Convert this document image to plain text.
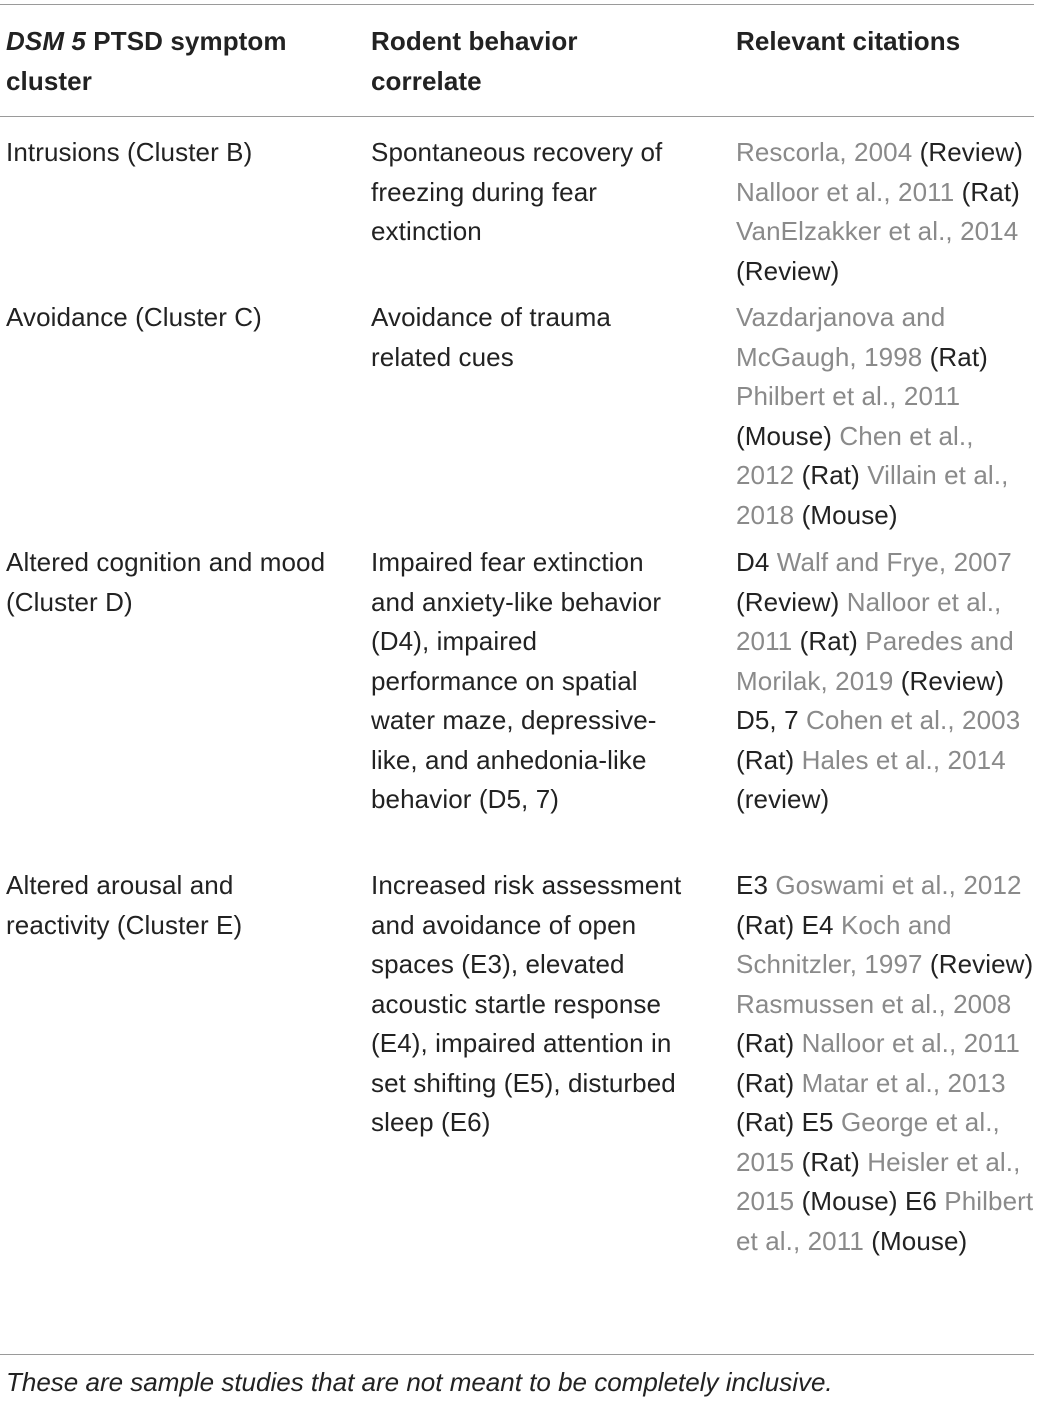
DSM 5 PTSD symptom cluster
Rodent behavior correlate
Relevant citations
Intrusions (Cluster B)	Spontaneous recovery of freezing during fear extinction
Rescorla, 2004 (Review) Nalloor et al., 2011 (Rat) VanElzakker et al., 2014 (Review)
Avoidance (Cluster C)	Avoidance of trauma related cues
Vazdarjanova and McGaugh, 1998 (Rat) Philbert et al., 2011 (Mouse) Chen et al., 2012 (Rat) Villain et al., 2018 (Mouse)
Altered cognition and mood (Cluster D)
Impaired fear extinction and anxiety-like behavior (D4), impaired performance on spatial water maze, depressive-like, and anhedonia-like behavior (D5, 7)
D4 Walf and Frye, 2007 (Review) Nalloor et al., 2011 (Rat) Paredes and Morilak, 2019 (Review) D5, 7 Cohen et al., 2003 (Rat) Hales et al., 2014 (review)
Altered arousal and reactivity (Cluster E)
Increased risk assessment and avoidance of open spaces (E3), elevated acoustic startle response (E4), impaired attention in set shifting (E5), disturbed sleep (E6)
E3 Goswami et al., 2012 (Rat) E4 Koch and Schnitzler, 1997 (Review) Rasmussen et al., 2008 (Rat) Nalloor et al., 2011 (Rat) Matar et al., 2013 (Rat) E5 George et al., 2015 (Rat) Heisler et al., 2015 (Mouse) E6 Philbert et al., 2011 (Mouse)
These are sample studies that are not meant to be completely inclusive.
